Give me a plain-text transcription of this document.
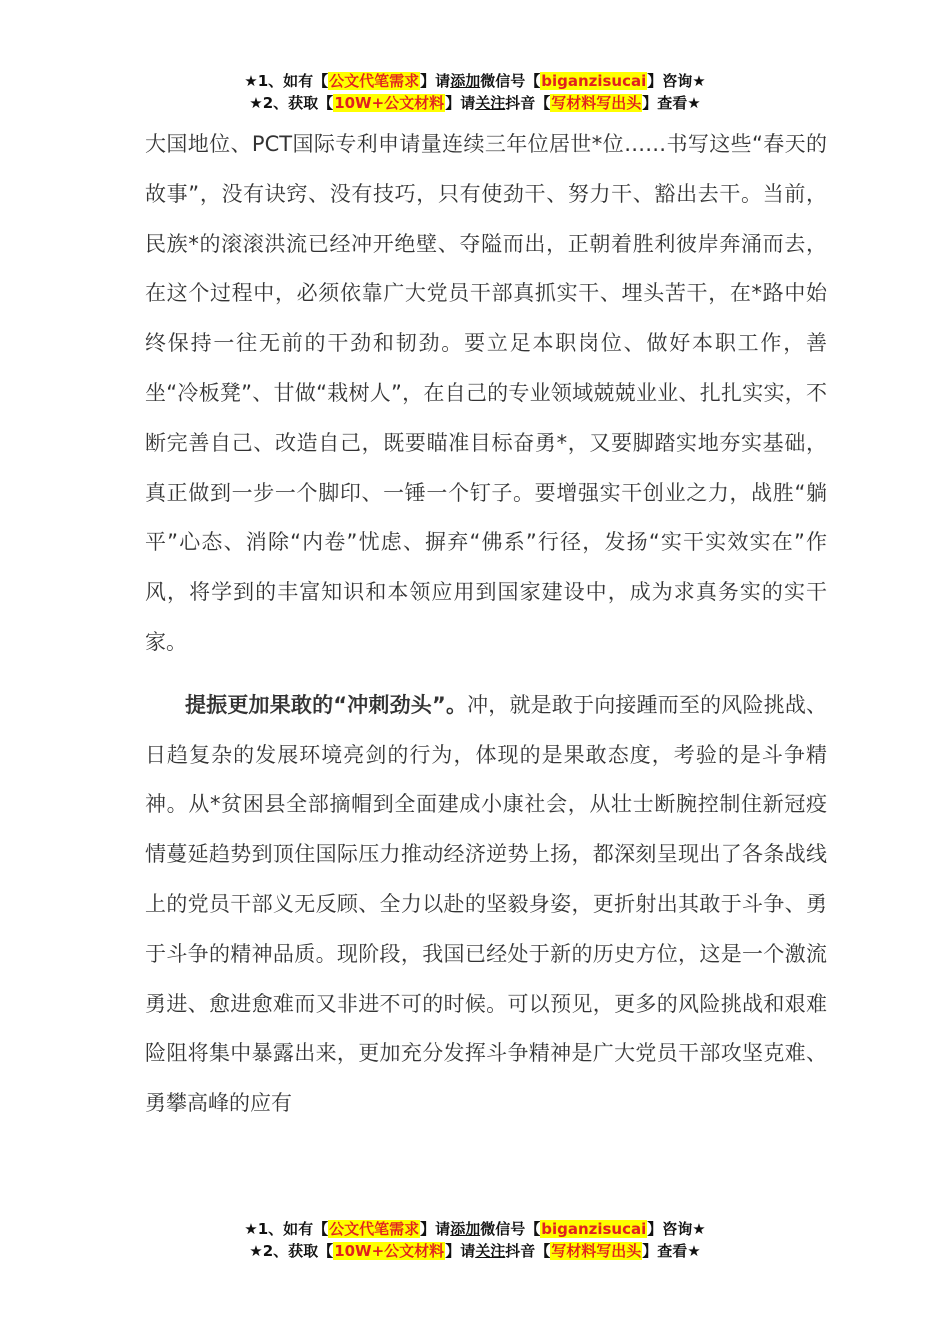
★1、如有【公文代笔需求】请添加微信号【biganzisucai】咨询★
★2、获取【10W+公文材料】请关注抖音【写材料写出头】查看★

大国地位、PCT国际专利申请量连续三年位居世*位……书写这些“春天的故事”，没有诀窍、没有技巧，只有使劲干、努力干、豁出去干。当前，民族*的滚滚洪流已经冲开绝壁、夺隘而出，正朝着胜利彼岸奔涌而去，在这个过程中，必须依靠广大党员干部真抓实干、埋头苦干，在*路中始终保持一往无前的干劲和韧劲。要立足本职岗位、做好本职工作，善坐“冷板凳”、甘做“栽树人”，在自己的专业领域兢兢业业、扎扎实实，不断完善自己、改造自己，既要瞄准目标奋勇*，又要脚踏实地夯实基础，真正做到一步一个脚印、一锤一个钉子。要增强实干创业之力，战胜“躺平”心态、消除“内卷”忧虑、摒弃“佛系”行径，发扬“实干实效实在”作风，将学到的丰富知识和本领应用到国家建设中，成为求真务实的实干家。

提振更加果敢的“冲刺劲头”。冲，就是敢于向接踵而至的风险挑战、日趋复杂的发展环境亮剑的行为，体现的是果敢态度，考验的是斗争精神。从*贫困县全部摘帽到全面建成小康社会，从壮士断腕控制住新冠疫情蔓延趋势到顶住国际压力推动经济逆势上扬，都深刻呈现出了各条战线上的党员干部义无反顾、全力以赴的坚毅身姿，更折射出其敢于斗争、勇于斗争的精神品质。现阶段，我国已经处于新的历史方位，这是一个激流勇进、愈进愈难而又非进不可的时候。可以预见，更多的风险挑战和艰难险阻将集中暴露出来，更加充分发挥斗争精神是广大党员干部攻坚克难、勇攀高峰的应有

★1、如有【公文代笔需求】请添加微信号【biganzisucai】咨询★
★2、获取【10W+公文材料】请关注抖音【写材料写出头】查看★
